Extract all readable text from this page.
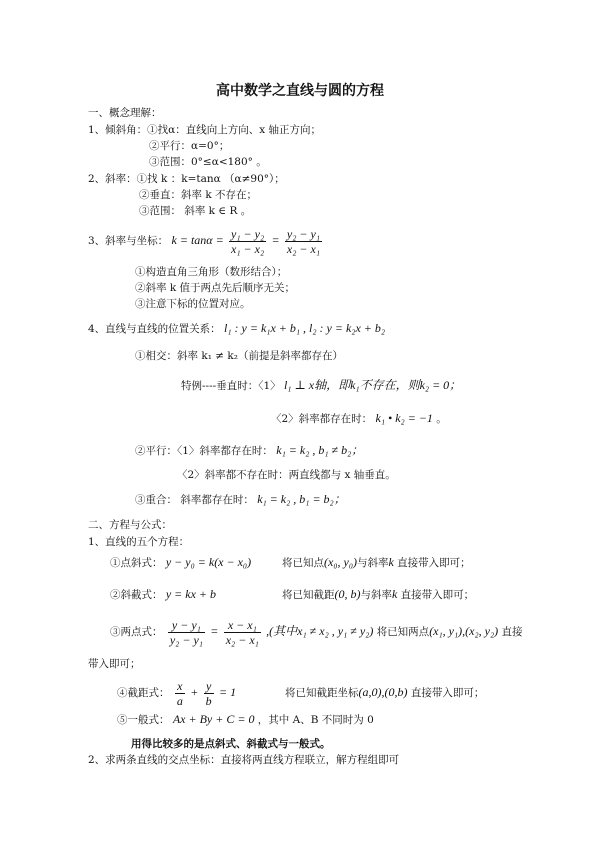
高中数学之直线与圆的方程
一、概念理解：
1、倾斜角：①找α：直线向上方向、x 轴正方向；
②平行：α=0°；
③范围：0°≤α<180° 。
2、斜率：①找 k ：k=tanα （α≠90°）；
②垂直：斜率 k 不存在；
③范围： 斜率 k ∈ R 。
3、斜率与坐标： $k = \tan\alpha = \frac{\text{y₁ − y₂}}{\text{x₁ − x₂}} = \frac{\text{y₂ − y₁}}{\text{x₂ − x₁}}$
①构造直角三角形（数形结合）；
②斜率 k 值于两点先后顺序无关；
③注意下标的位置对应。
4、直线与直线的位置关系： l₁ : y = k₁x + b₁ , l₂ : y = k₂x + b₂
①相交：斜率 k₁ ≠ k₂（前提是斜率都存在）
特例----垂直时：〈1〉 l₁ ⊥ x轴，即k₁不存在，则k₂ = 0；
〈2〉斜率都存在时： k₁ • k₂ = −1 。
②平行：〈1〉斜率都存在时： k₁ = k₂ , b₁ ≠ b₂；
〈2〉斜率都不存在时：两直线都与 x 轴垂直。
③重合： 斜率都存在时： k₁ = k₂ , b₁ = b₂；
二、方程与公式：
1、直线的五个方程：
①点斜式： y − y₀ = k(x − x₀)	将已知点(x₀, y₀)与斜率k 直接带入即可；
②斜截式： y = kx + b	将已知截距(0, b)与斜率k 直接带入即可；
③两点式： $\frac{\text{y − y₁}}{\text{y₂ − y₁}} = \frac{\text{x − x₁}}{\text{x₂ − x₁}}$ ,(其中x₁ ≠ x₂ , y₁ ≠ y₂) 将已知两点(x₁, y₁),(x₂, y₂) 直接
带入即可；
④截距式： $\frac{x}{a} + \frac{y}{b} = 1$	将已知截距坐标(a,0),(0,b) 直接带入即可；
⑤一般式： Ax + By + C = 0 ，其中 A、B 不同时为 0
用得比较多的是点斜式、斜截式与一般式。
2、求两条直线的交点坐标：直接将两直线方程联立，解方程组即可
